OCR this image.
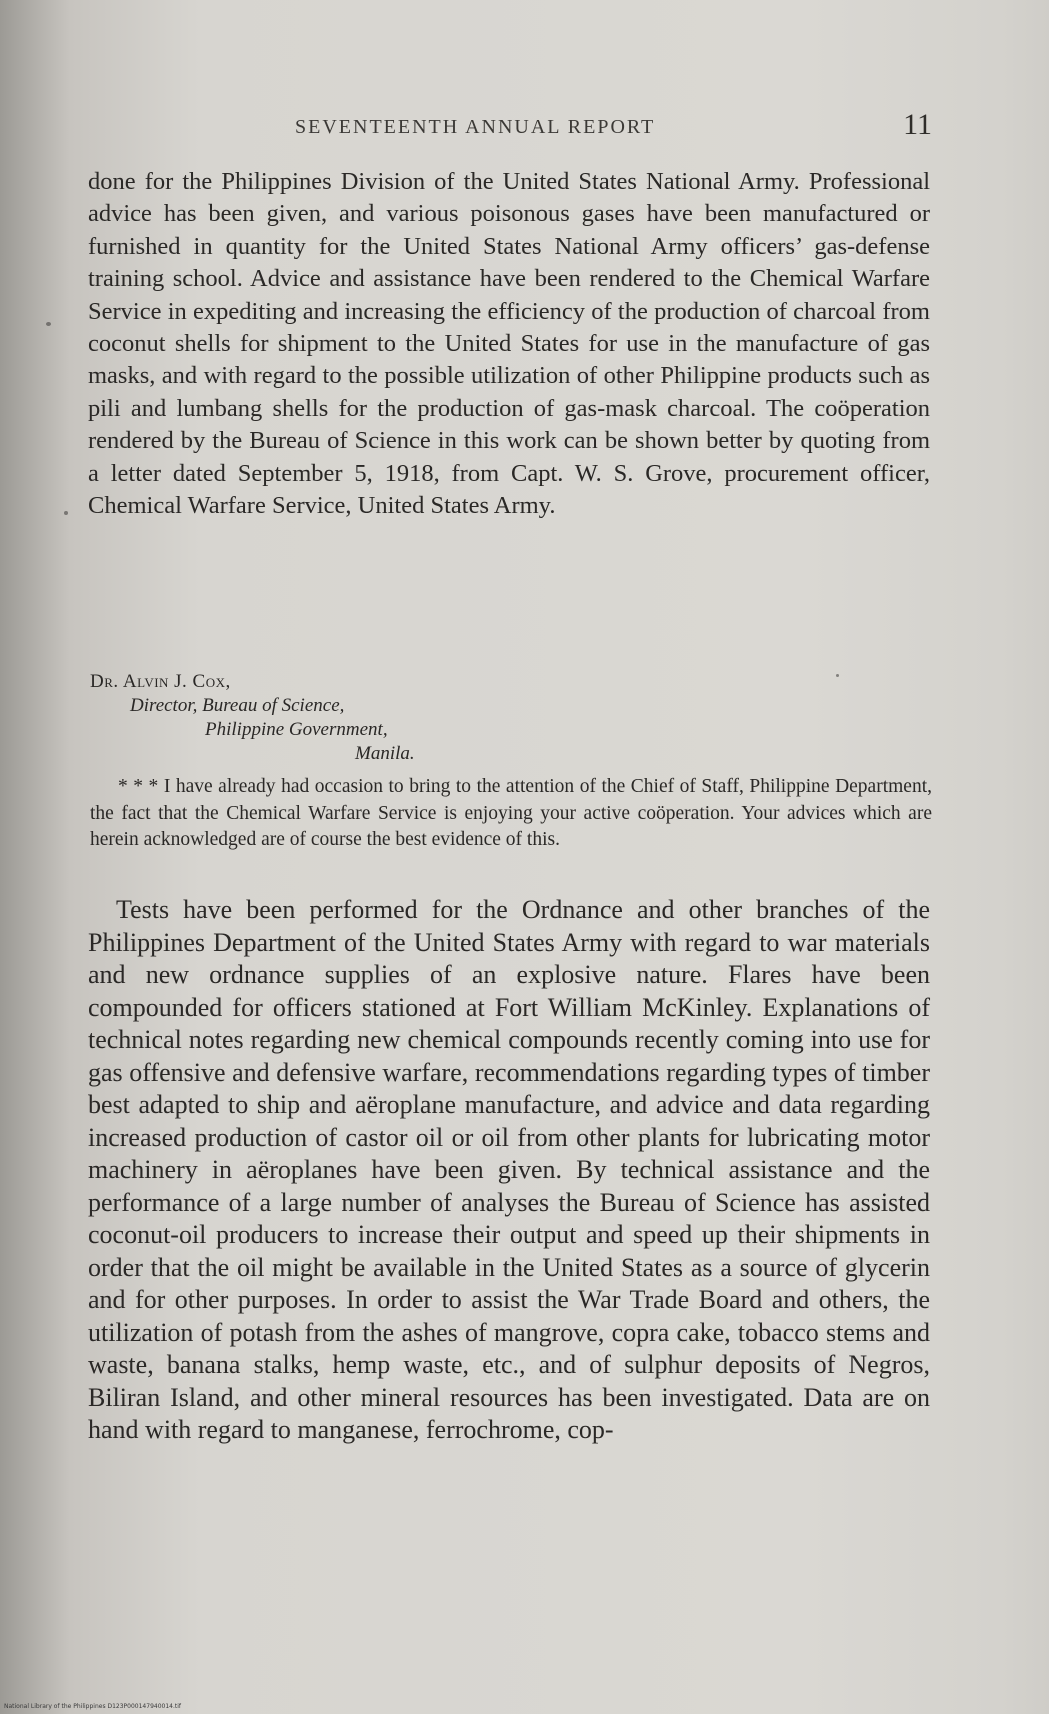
SEVENTEENTH ANNUAL REPORT	11

done for the Philippines Division of the United States National Army. Professional advice has been given, and various poisonous gases have been manufactured or furnished in quantity for the United States National Army officers’ gas-defense training school. Advice and assistance have been rendered to the Chemical Warfare Service in expediting and increasing the efficiency of the production of charcoal from coconut shells for shipment to the United States for use in the manufacture of gas masks, and with regard to the possible utilization of other Philippine products such as pili and lumbang shells for the production of gas-mask charcoal. The coöperation rendered by the Bureau of Science in this work can be shown better by quoting from a letter dated September 5, 1918, from Capt. W. S. Grove, procurement officer, Chemical Warfare Service, United States Army.

Dr. Alvin J. Cox,
Director, Bureau of Science,
Philippine Government,
Manila.
* * * I have already had occasion to bring to the attention of the Chief of Staff, Philippine Department, the fact that the Chemical Warfare Service is enjoying your active coöperation. Your advices which are herein acknowledged are of course the best evidence of this.

Tests have been performed for the Ordnance and other branches of the Philippines Department of the United States Army with regard to war materials and new ordnance supplies of an explosive nature. Flares have been compounded for officers stationed at Fort William McKinley. Explanations of technical notes regarding new chemical compounds recently coming into use for gas offensive and defensive warfare, recommendations regarding types of timber best adapted to ship and aëroplane manufacture, and advice and data regarding increased production of castor oil or oil from other plants for lubricating motor machinery in aëroplanes have been given. By technical assistance and the performance of a large number of analyses the Bureau of Science has assisted coconut-oil producers to increase their output and speed up their shipments in order that the oil might be available in the United States as a source of glycerin and for other purposes. In order to assist the War Trade Board and others, the utilization of potash from the ashes of mangrove, copra cake, tobacco stems and waste, banana stalks, hemp waste, etc., and of sulphur deposits of Negros, Biliran Island, and other mineral resources has been investigated. Data are on hand with regard to manganese, ferrochrome, cop-

National Library of the Philippines D123P000147940014.tif
